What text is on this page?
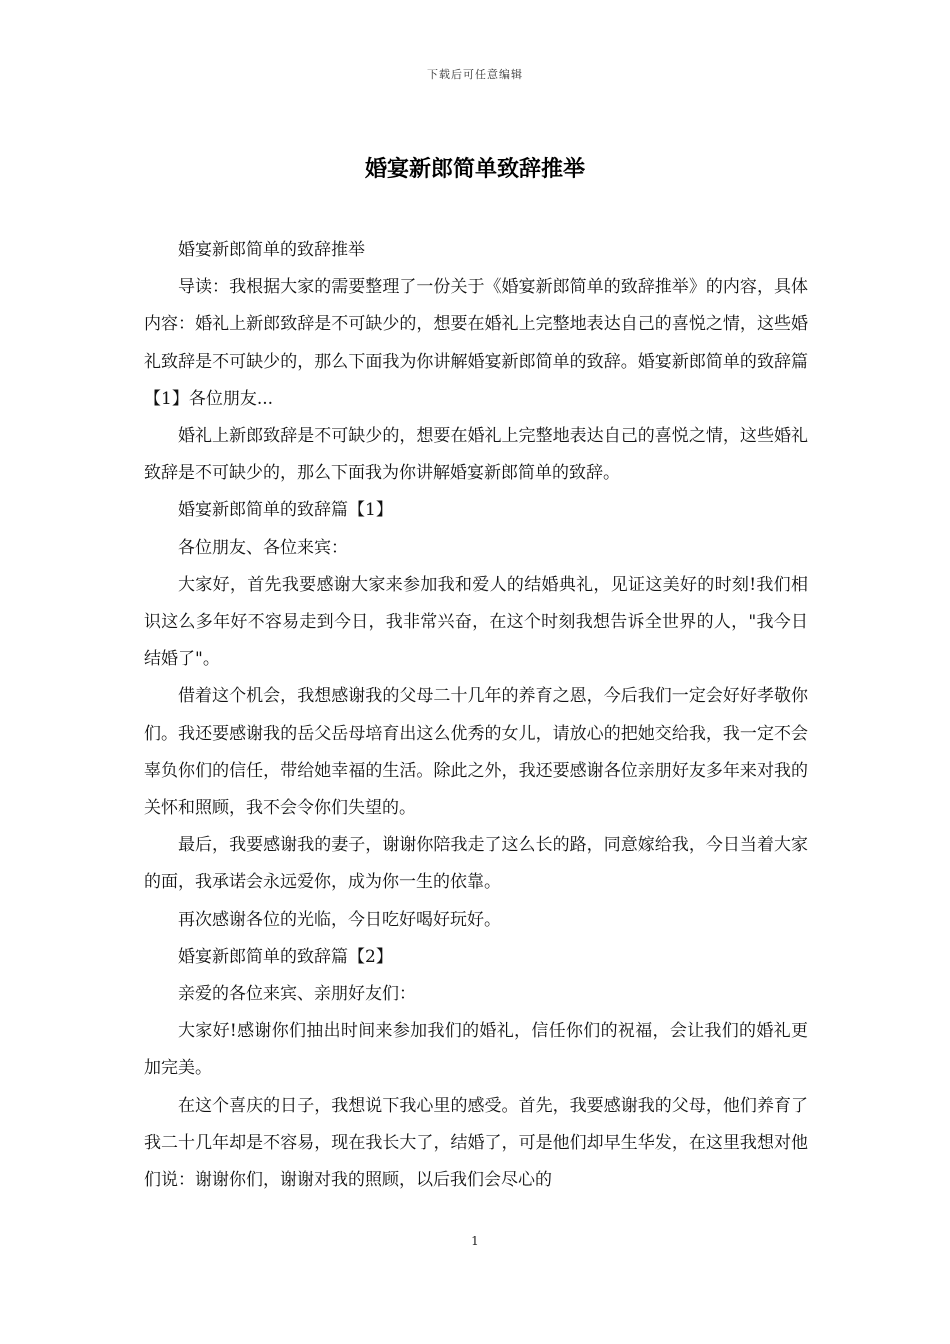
下载后可任意编辑
婚宴新郎简单致辞推举

婚宴新郎简单的致辞推举

导读：我根据大家的需要整理了一份关于《婚宴新郎简单的致辞推举》的内容，具体内容：婚礼上新郎致辞是不可缺少的，想要在婚礼上完整地表达自己的喜悦之情，这些婚礼致辞是不可缺少的，那么下面我为你讲解婚宴新郎简单的致辞。婚宴新郎简单的致辞篇【1】各位朋友...

婚礼上新郎致辞是不可缺少的，想要在婚礼上完整地表达自己的喜悦之情，这些婚礼致辞是不可缺少的，那么下面我为你讲解婚宴新郎简单的致辞。

婚宴新郎简单的致辞篇【1】

各位朋友、各位来宾：

大家好，首先我要感谢大家来参加我和爱人的结婚典礼，见证这美好的时刻!我们相识这么多年好不容易走到今日，我非常兴奋，在这个时刻我想告诉全世界的人，"我今日结婚了"。

借着这个机会，我想感谢我的父母二十几年的养育之恩，今后我们一定会好好孝敬你们。我还要感谢我的岳父岳母培育出这么优秀的女儿，请放心的把她交给我，我一定不会辜负你们的信任，带给她幸福的生活。除此之外，我还要感谢各位亲朋好友多年来对我的关怀和照顾，我不会令你们失望的。

最后，我要感谢我的妻子，谢谢你陪我走了这么长的路，同意嫁给我，今日当着大家的面，我承诺会永远爱你，成为你一生的依靠。

再次感谢各位的光临，今日吃好喝好玩好。

婚宴新郎简单的致辞篇【2】

亲爱的各位来宾、亲朋好友们：

大家好!感谢你们抽出时间来参加我们的婚礼，信任你们的祝福，会让我们的婚礼更加完美。

在这个喜庆的日子，我想说下我心里的感受。首先，我要感谢我的父母，他们养育了我二十几年却是不容易，现在我长大了，结婚了，可是他们却早生华发，在这里我想对他们说：谢谢你们，谢谢对我的照顾，以后我们会尽心的

1
